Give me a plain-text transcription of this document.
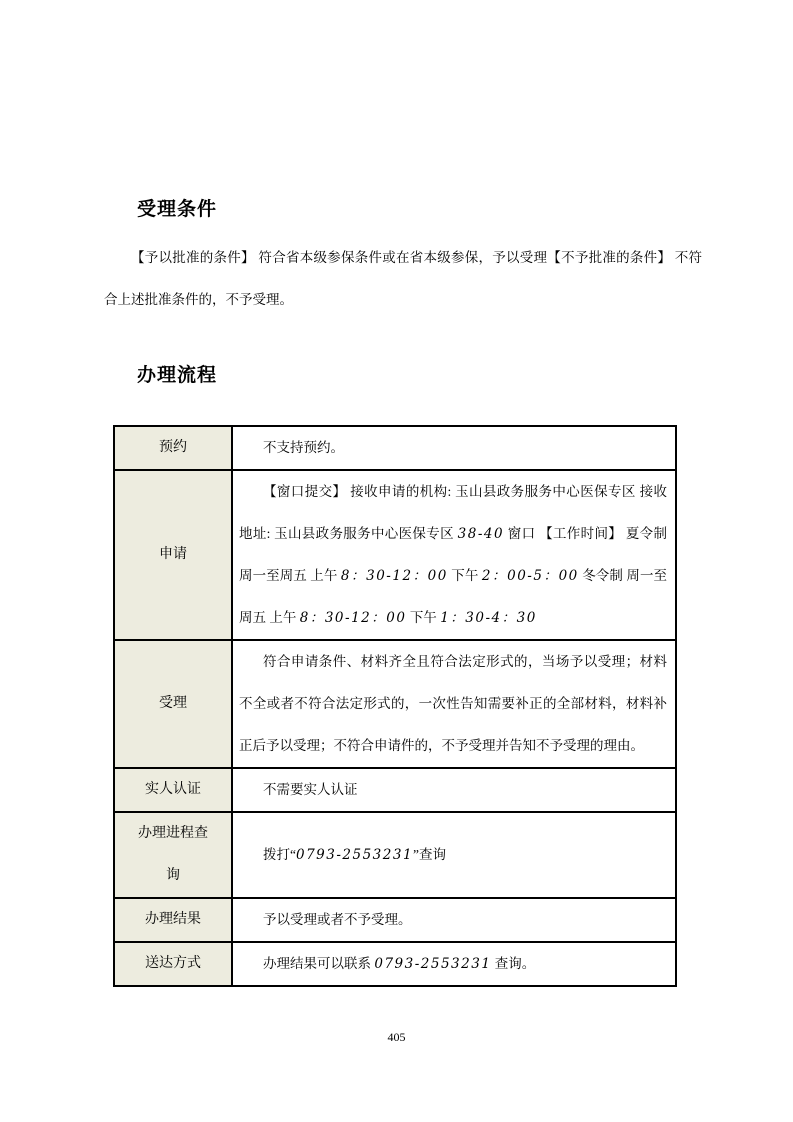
受理条件
【予以批准的条件】 符合省本级参保条件或在省本级参保，予以受理【不予批准的条件】 不符合上述批准条件的，不予受理。
办理流程
预约	不支持预约。
申请	【窗口提交】 接收申请的机构: 玉山县政务服务中心医保专区 接收地址: 玉山县政务服务中心医保专区 38-40 窗口 【工作时间】 夏令制 周一至周五 上午 8：30-12：00 下午 2：00-5：00 冬令制 周一至周五 上午 8：30-12：00 下午 1：30-4：30
受理	符合申请条件、材料齐全且符合法定形式的，当场予以受理；材料不全或者不符合法定形式的，一次性告知需要补正的全部材料，材料补正后予以受理；不符合申请件的，不予受理并告知不予受理的理由。
实人认证	不需要实人认证
办理进程查询	拨打“0793-2553231”查询
办理结果	予以受理或者不予受理。
送达方式	办理结果可以联系 0793-2553231 查询。
405
